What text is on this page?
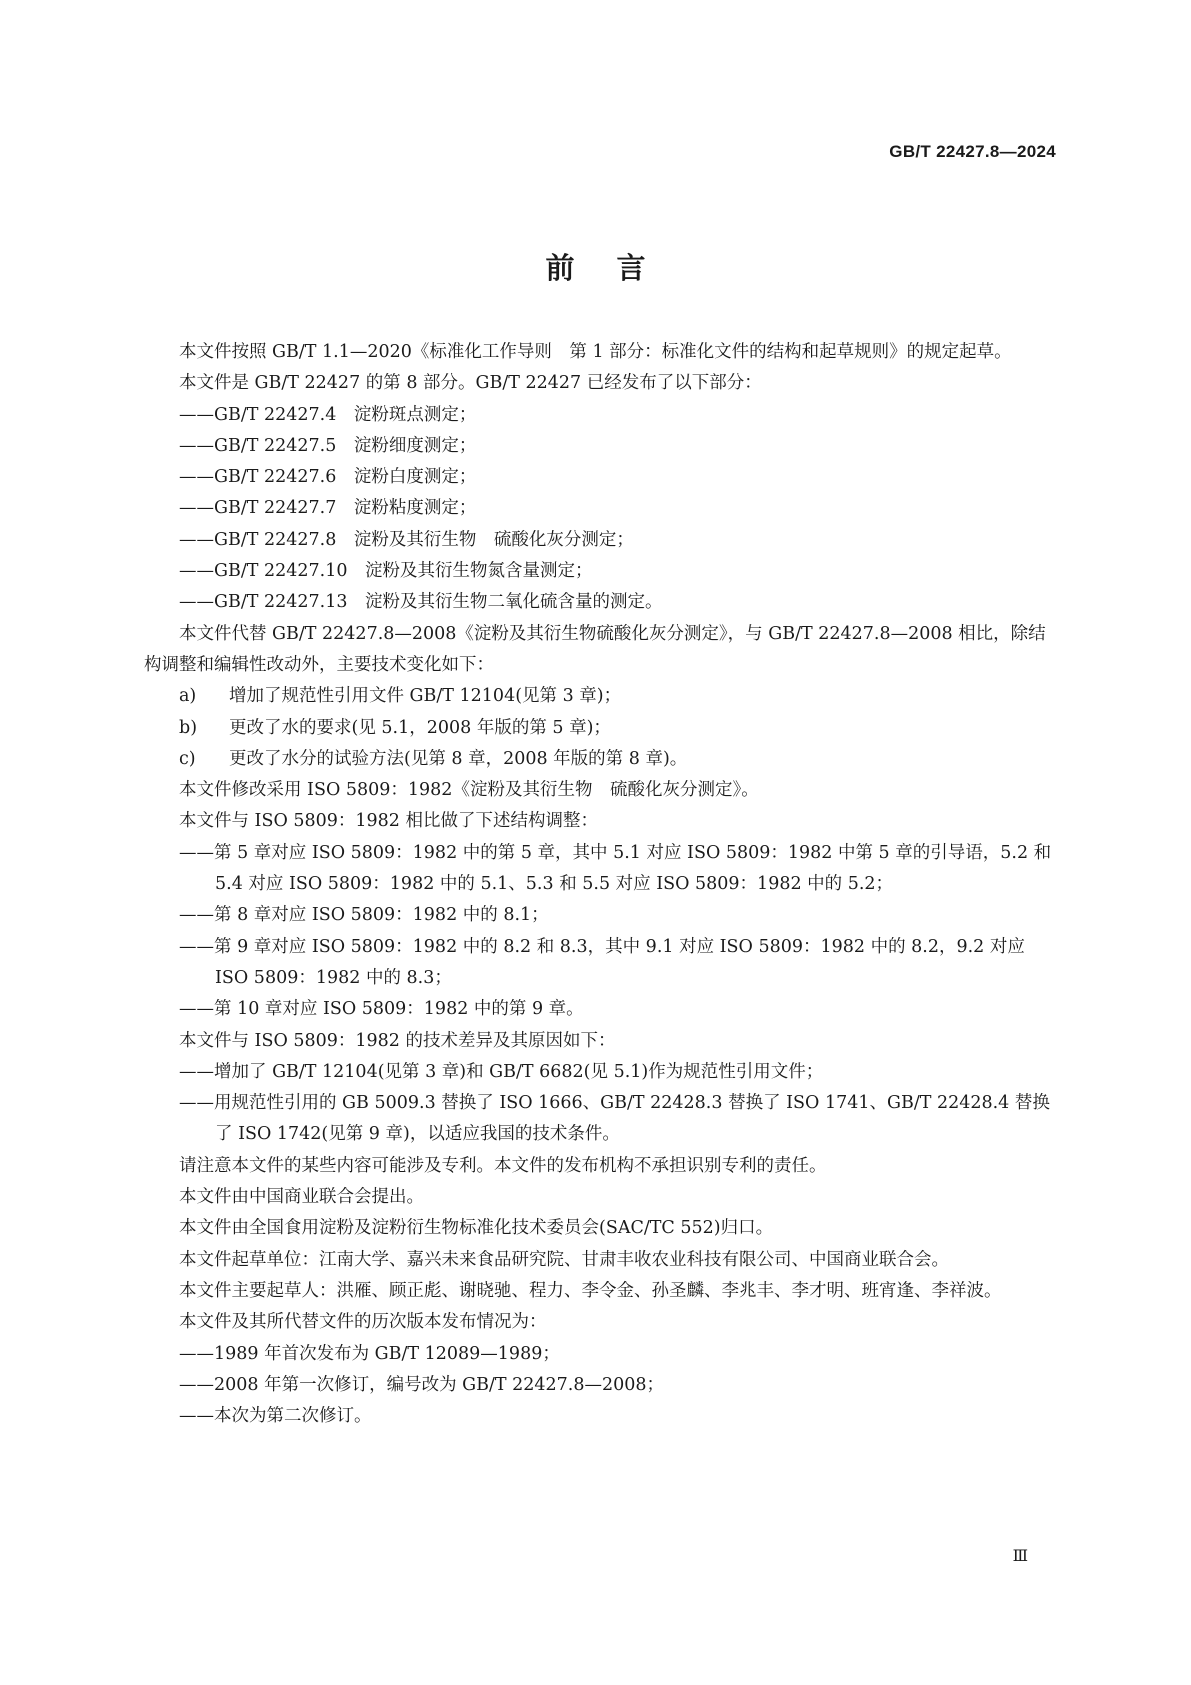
GB/T 22427.8—2024
前言

本文件按照 GB/T 1.1—2020《标准化工作导则　第 1 部分：标准化文件的结构和起草规则》的规定起草。

本文件是 GB/T 22427 的第 8 部分。GB/T 22427 已经发布了以下部分：

——GB/T 22427.4　淀粉斑点测定；

——GB/T 22427.5　淀粉细度测定；

——GB/T 22427.6　淀粉白度测定；

——GB/T 22427.7　淀粉粘度测定；

——GB/T 22427.8　淀粉及其衍生物　硫酸化灰分测定；

——GB/T 22427.10　淀粉及其衍生物氮含量测定；

——GB/T 22427.13　淀粉及其衍生物二氧化硫含量的测定。

本文件代替 GB/T 22427.8—2008《淀粉及其衍生物硫酸化灰分测定》，与 GB/T 22427.8—2008 相比，除结构调整和编辑性改动外，主要技术变化如下：

a) 增加了规范性引用文件 GB/T 12104(见第 3 章)；

b) 更改了水的要求(见 5.1，2008 年版的第 5 章)；

c) 更改了水分的试验方法(见第 8 章，2008 年版的第 8 章)。

本文件修改采用 ISO 5809：1982《淀粉及其衍生物　硫酸化灰分测定》。

本文件与 ISO 5809：1982 相比做了下述结构调整：

——第 5 章对应 ISO 5809：1982 中的第 5 章，其中 5.1 对应 ISO 5809：1982 中第 5 章的引导语，5.2 和 5.4 对应 ISO 5809：1982 中的 5.1、5.3 和 5.5 对应 ISO 5809：1982 中的 5.2；

——第 8 章对应 ISO 5809：1982 中的 8.1；

——第 9 章对应 ISO 5809：1982 中的 8.2 和 8.3，其中 9.1 对应 ISO 5809：1982 中的 8.2，9.2 对应 ISO 5809：1982 中的 8.3；

——第 10 章对应 ISO 5809：1982 中的第 9 章。

本文件与 ISO 5809：1982 的技术差异及其原因如下：

——增加了 GB/T 12104(见第 3 章)和 GB/T 6682(见 5.1)作为规范性引用文件；

——用规范性引用的 GB 5009.3 替换了 ISO 1666、GB/T 22428.3 替换了 ISO 1741、GB/T 22428.4 替换了 ISO 1742(见第 9 章)，以适应我国的技术条件。

请注意本文件的某些内容可能涉及专利。本文件的发布机构不承担识别专利的责任。

本文件由中国商业联合会提出。

本文件由全国食用淀粉及淀粉衍生物标准化技术委员会(SAC/TC 552)归口。

本文件起草单位：江南大学、嘉兴未来食品研究院、甘肃丰收农业科技有限公司、中国商业联合会。

本文件主要起草人：洪雁、顾正彪、谢晓驰、程力、李令金、孙圣麟、李兆丰、李才明、班宵逢、李祥波。

本文件及其所代替文件的历次版本发布情况为：

——1989 年首次发布为 GB/T 12089—1989；

——2008 年第一次修订，编号改为 GB/T 22427.8—2008；

——本次为第二次修订。

Ⅲ
